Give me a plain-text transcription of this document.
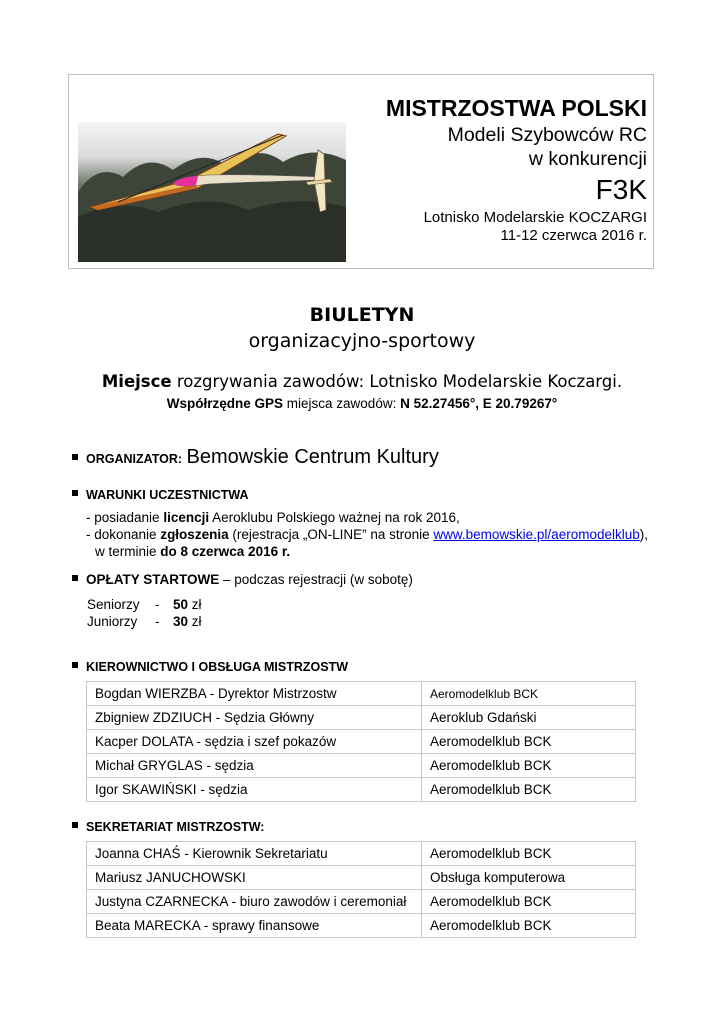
MISTRZOSTWA POLSKI
Modeli Szybowców RC
w konkurencji
F3K
Lotnisko Modelarskie KOCZARGI
11-12 czerwca 2016 r.
BIULETYN
organizacyjno-sportowy
Miejsce rozgrywania zawodów: Lotnisko Modelarskie Koczargi.
Współrzędne GPS miejsca zawodów: N 52.27456°, E 20.79267°
ORGANIZATOR: Bemowskie Centrum Kultury
WARUNKI UCZESTNICTWA
- posiadanie licencji Aeroklubu Polskiego ważnej na rok 2016,
- dokonanie zgłoszenia (rejestracja „ON-LINE” na stronie www.bemowskie.pl/aeromodelklub),
w terminie do 8 czerwca 2016 r.
OPŁATY STARTOWE – podczas rejestracji (w sobotę)
Seniorzy	-	50 zł
Juniorzy	-	30 zł
KIEROWNICTWO I OBSŁUGA MISTRZOSTW
Bogdan WIERZBA - Dyrektor Mistrzostw	Aeromodelklub BCK
Zbigniew ZDZIUCH - Sędzia Główny	Aeroklub Gdański
Kacper DOLATA - sędzia i szef pokazów	Aeromodelklub BCK
Michał GRYGLAS - sędzia	Aeromodelklub BCK
Igor SKAWIŃSKI - sędzia	Aeromodelklub BCK
SEKRETARIAT MISTRZOSTW:
Joanna CHAŚ - Kierownik Sekretariatu	Aeromodelklub BCK
Mariusz JANUCHOWSKI	Obsługa komputerowa
Justyna CZARNECKA - biuro zawodów i ceremoniał	Aeromodelklub BCK
Beata MARECKA - sprawy finansowe	Aeromodelklub BCK
